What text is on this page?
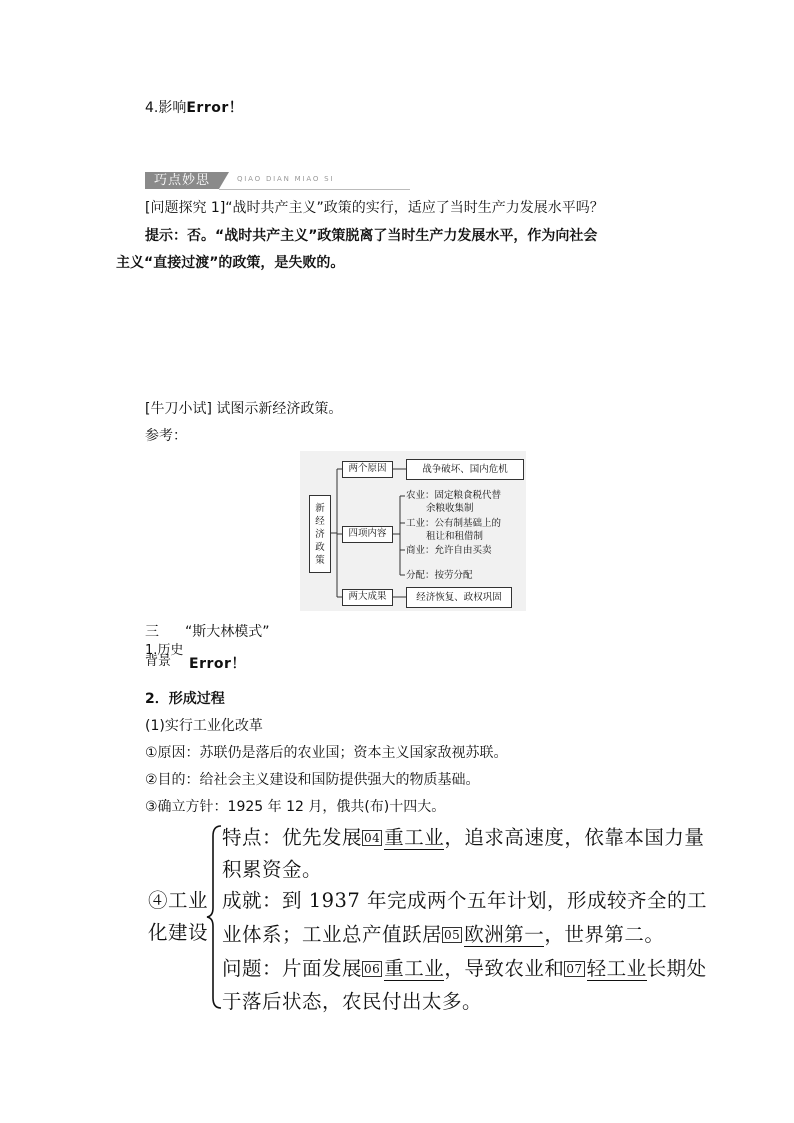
4.影响Error！
巧点妙思	QIAO DIAN MIAO SI
[问题探究 1]“战时共产主义”政策的实行，适应了当时生产力发展水平吗？
提示：否。“战时共产主义”政策脱离了当时生产力发展水平，作为向社会
主义“直接过渡”的政策，是失败的。
[牛刀小试] 试图示新经济政策。
参考：
新经济政策
两个原因	战争破坏、国内危机
四项内容
农业：固定粮食税代替
余粮收集制
工业：公有制基础上的
租让和租借制
商业：允许自由买卖
分配：按劳分配
两大成果	经济恢复、政权巩固
三 “斯大林模式”
1.历史
背景	Error！
2．形成过程
(1)实行工业化改革
①原因：苏联仍是落后的农业国；资本主义国家敌视苏联。
②目的：给社会主义建设和国防提供强大的物质基础。
③确立方针：1925 年 12 月，俄共(布)十四大。
④工业
化建设
特点：优先发展 04 重工业，追求高速度，依靠本国力量
积累资金。
成就：到 1937 年完成两个五年计划，形成较齐全的工
业体系；工业总产值跃居 05 欧洲第一，世界第二。
问题：片面发展 06 重工业，导致农业和 07 轻工业长期处
于落后状态，农民付出太多。
